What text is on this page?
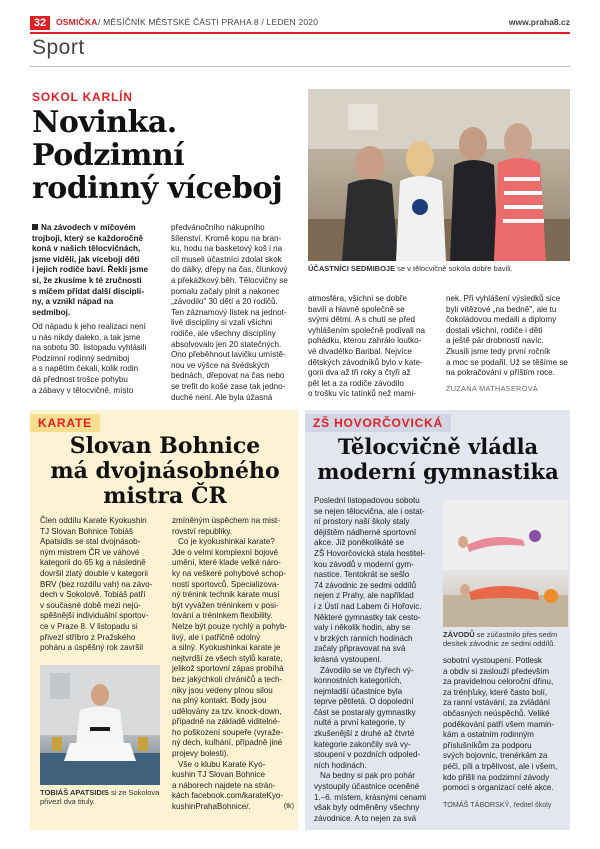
32	OSMIČKA / MĚSÍČNÍK MĚSTSKÉ ČÁSTI PRAHA 8 / LEDEN 2020	www.praha8.cz
Sport
SOKOL KARLÍN
Novinka.
Podzimní
rodinný víceboj
Na závodech v míčovém
trojboji, který se každoročně
koná v našich tělocvičnách,
jsme viděli, jak vícebojí děti
i jejich rodiče baví. Řekli jsme
si, že zkusíme k té zručnosti
s míčem přidat další disciplí-
ny, a vznikl nápad na
sedmiboj.
Od nápadu k jeho realizaci není
u nás nikdy daleko, a tak jsme
na sobotu 30. listopadu vyhlásili
Podzimní rodinný sedmiboj
a s napětím čekali, kolik rodin
dá přednost trošce pohybu
a zábavy v tělocvičně, místo
předvánočního nákupního
šílenství. Kromě kopu na bran-
ku, hodu na basketový koš i na
cíl museli účastníci zdolat skok
do dálky, dřepy na čas, člunkový
a překážkový běh. Tělocvičny se
pomalu začaly plnit a nakonec
„závodilo" 30 dětí a 20 rodičů.
Ten záznamový lístek na jednot-
livé disciplíny si vzali všichni
rodiče, ale všechny disciplíny
absolvovalo jen 20 statečných.
Ono přeběhnout lavičku umístě-
nou ve výšce na švédských
bednách, dřepovat na čas nebo
se trefit do koše zase tak jedno-
duché není. Ale byla úžasná
ÚČASTNÍCI SEDMIBOJE se v tělocvičně sokola dobře bavili.
atmosféra, všichni se dobře
bavili a hlavně společně se
svými dětmi. A s chutí se před
vyhlášením společně podívali na
pohádku, kterou zahrálo loutko-
vé divadélko Baribal. Nejvíce
dětských závodníků bylo v kate-
gorii dva až tři roky a čtyři až
pět let a za rodiče závodilo
o trošku víc tatínků než mami-
nek. Při vyhlášení výsledků sice
byli vítězové „na bedně", ale tu
čokoládovou medaili a diplomy
dostali všichni, rodiče i děti
a ještě pár drobností navíc.
Zkusili jsme tedy první ročník
a moc se podařil. Už se těšíme se
na pokračování v příštím roce.
ZUZANA MATHASEROVÁ
KARATE
Slovan Bohnice
má dvojnásobného
mistra ČR
Člen oddílu Karate Kyokushin
TJ Slovan Bohnice Tobiáš
Apatsidis se stal dvojnásob-
ným mistrem ČR ve váhové
kategorii do 65 kg a následně
dovršil zlatý double v kategorii
BRV (bez rozdílu vah) na závo-
dech v Sokolově. Tobiáš patří
v současné době mezi nejú-
spěšnější individuální sportov-
ce v Praze 8. V listopadu si
přivezl stříbro z Pražského
poháru a úspěšný rok završil
TOBIÁŠ APATSIDIS si ze Sokolova přivezl dva tituly.
zmíněným úspěchem na mist-
rovství republiky.
Co je kyokushinkai karate?
Jde o velmi komplexní bojové
umění, které klade velké náro-
ky na veškeré pohybové schop-
nosti sportovců. Specializova-
ný trénink technik karate musí
být vyvážen tréninkem v posi-
lování a tréninkem flexibility.
Nelze být pouze rychlý a pohyb-
livý, ale i patřičně odolný
a silný. Kyokushinkai karate je
nejtvrdší ze všech stylů karate,
jelikož sportovní zápas probíhá
bez jakýchkoli chráničů a tech-
niky jsou vedeny plnou silou
na plný kontakt. Body jsou
udělovány za tzv. knock-down,
případně na základě viditelné-
ho poškození soupeře (vyraže-
ný dech, kulhání, případně jiné
projevy bolesti).
Vše o klubu Karate Kyo-
kushin TJ Slovan Bohnice
a náborech najdete na strán-
kách facebook.com/karateKyo-
kushinPrahaBohnice/.	(tk)
ZŠ HOVORČOVICKÁ
Tělocvičně vládla
moderní gymnastika
Poslední listopadovou sobotu
se nejen tělocvična, ale i ostat-
ní prostory naší školy staly
dějištěm nádherné sportovní
akce. Již poněkolikáté se
ZŠ Hovorčovická stala hostitel-
kou závodů v moderní gym-
nastice. Tentokrát se sešlo
74 závodnic ze sedmi oddílů
nejen z Prahy, ale například
i z Ústí nad Labem či Hořovic.
Některé gymnastky tak cesto-
valy i několik hodin, aby se
v brzkých ranních hodinách
začaly připravovat na svá
krásná vystoupení.
Závodilo se ve čtyřech vý-
konnostních kategoriích,
nejmladší účastnice byla
teprve pětiletá. O dopolední
část se postaraly gymnastky
nulté a první kategorie, ty
zkušenější z druhé až čtvrté
kategorie zakončily svá vy-
stoupení v pozdních odpoled-
ních hodinách.
Na bedny si pak pro pohár
vystoupily účastnice oceněné
1.–6. místem, krásnými cenami
však byly odměněny všechny
závodnice. A to nejen za svá
ZÁVODŮ se zúčastnilo přes sedm desítek závodnic ze sedmi oddílů.
sobotní vystoupení. Potlesk
a obdiv si zaslouží především
za pravidelnou celoroční dřinu,
za trénինky, které často bolí,
za ranní vstávání, za zvládání
občasných neúspěchů. Veliké
poděkování patří všem mamin-
kám a ostatním rodinným
příslušníkům za podporu
svých bojovnic, trenérkám za
péči, píli a trpělivost, ale i všem,
kdo přišli na podzimní závody
pomoci s organizací celé akce.
TOMÁŠ TÁBORSKÝ, ředitel školy
